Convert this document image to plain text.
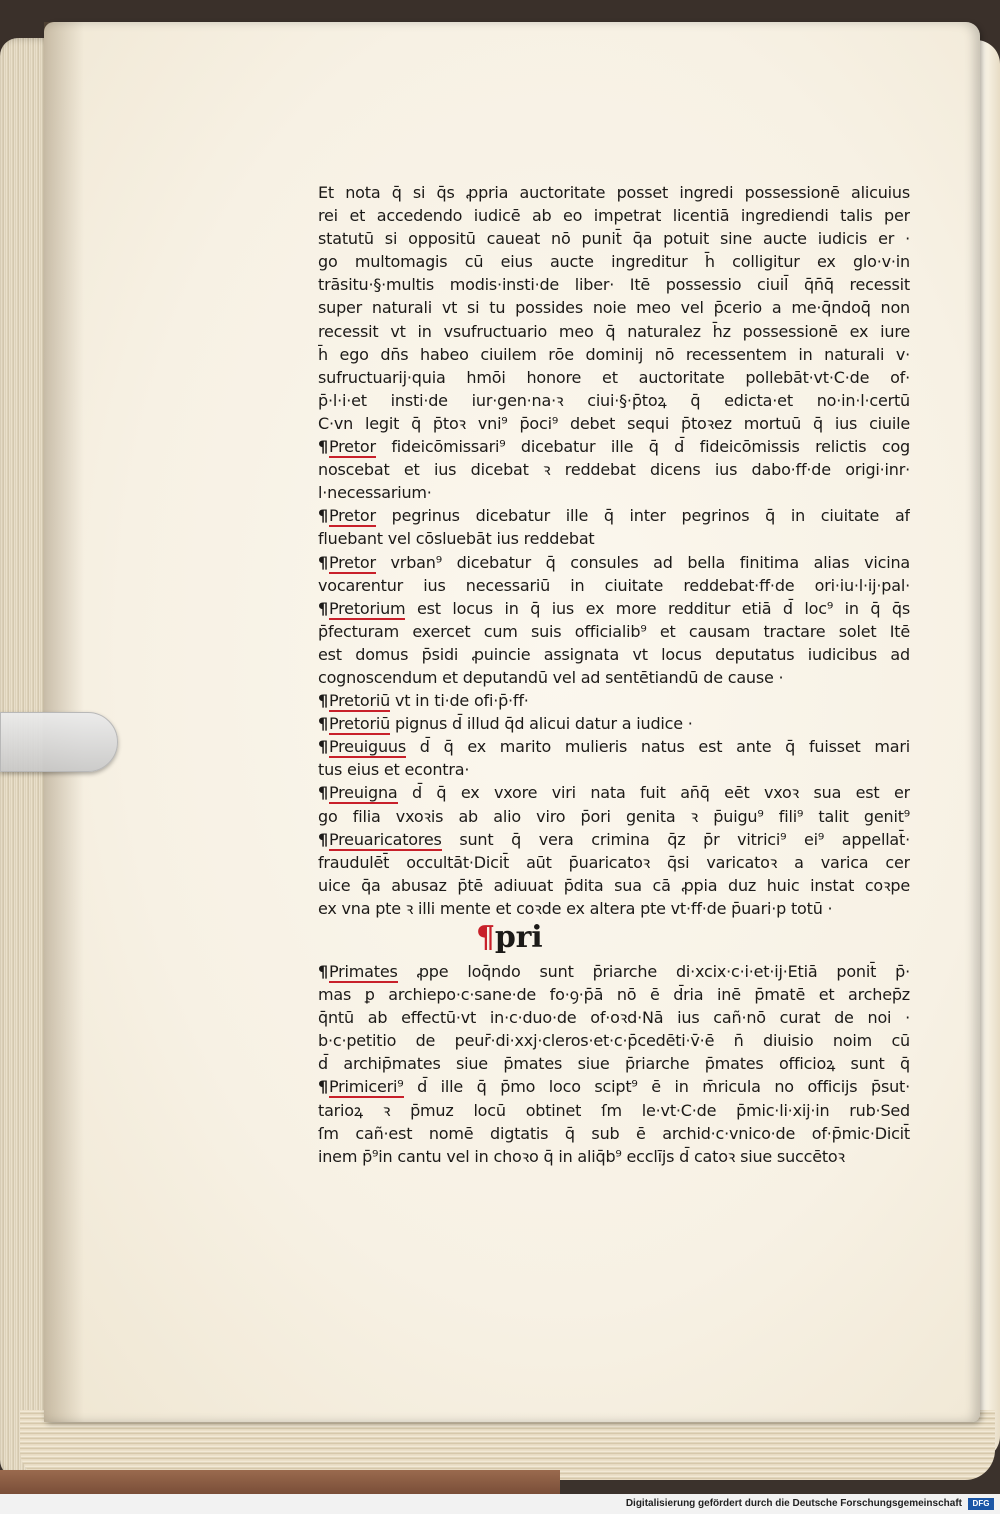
Et nota q̄ si q̄s ꝓpria auctoritate posset ingredi possessionē alicuius
rei et accedendo iudicē ab eo impetrat licentiā ingrediendi talis per
statutū si oppositū caueat nō punit̄ q̄a potuit sine aucte iudicis er ·
go multomagis cū eius aucte ingreditur h̄ colligitur ex glo·v·in
trāsitu·§·multis modis·insti·de liber· Itē possessio ciuil̄ q̄n̄q̄ recessit
super naturali vt si tu possides noie meo vel p̄cerio a me·q̄ndoq̄ non
recessit vt in vsufructuario meo q̄ naturalez h̄z possessionē ex iure
h̄ ego dn̄s habeo ciuilem rōe dominij nō recessentem in naturali v·
sufructuarij·quia hmōi honore et auctoritate pollebāt·vt·C·de of·
p̄·l·i·et insti·de iur·gen·na·ꝛ ciui·§·p̄toꝝ q̄ edicta·et no·in·l·certū
C·vn legit q̄ p̄toꝛ vni⁹ p̄oci⁹ debet sequi p̄toꝛez mortuū q̄ ius ciuile
¶Pretor fideicōmissari⁹ dicebatur ille q̄ d̄ fideicōmissis relictis cog
noscebat et ius dicebat ꝛ reddebat dicens ius dabo·ff·de origi·inr·
l·necessarium·
¶Pretor pegrinus dicebatur ille q̄ inter pegrinos q̄ in ciuitate af
fluebant vel cōsluebāt ius reddebat
¶Pretor vrban⁹ dicebatur q̄ consules ad bella finitima alias vicina
vocarentur ius necessariū in ciuitate reddebat·ff·de ori·iu·l·ij·pal·
¶Pretorium est locus in q̄ ius ex more redditur etiā d̄ loc⁹ in q̄ q̄s
p̄fecturam exercet cum suis officialib⁹ et causam tractare solet Itē
est domus p̄sidi ꝓuincie assignata vt locus deputatus iudicibus ad
cognoscendum et deputandū vel ad sentētiandū de cause ·
¶Pretoriū vt in ti·de ofi·p̄·ff·
¶Pretoriū pignus d̄ illud q̄d alicui datur a iudice ·
¶Preuiguus d̄ q̄ ex marito mulieris natus est ante q̄ fuisset mari
tus eius et econtra·
¶Preuigna d̄ q̄ ex vxore viri nata fuit an̄q̄ eēt vxoꝛ sua est er
go filia vxoꝛis ab alio viro p̄ori genita ꝛ p̄uigu⁹ fili⁹ talit genit⁹
¶Preuaricatores sunt q̄ vera crimina q̄z p̄r vitrici⁹ ei⁹ appellat̄·
fraudulēt̄ occultāt·Dicit̄ aūt p̄uaricatoꝛ q̄si varicatoꝛ a varica cer
uice q̄a abusaz p̄tē adiuuat p̄dita sua cā ꝓpia duz huic instat coꝛpe
ex vna pte ꝛ illi mente et coꝛde ex altera pte vt·ff·de p̄uari·p totū ·
¶pri
¶Primates ꝓpe loq̄ndo sunt p̄riarche di·xcix·c·i·et·ij·Etiā ponit̄ p̄·
mas ꝑ archiepo·c·sane·de fo·ꝯ·p̄ā nō ē d̄ria inē p̄matē et archep̄z
q̄ntū ab effectū·vt in·c·duo·de of·oꝛd·Nā ius cañ·nō curat de noi ·
b·c·petitio de peur̄·di·xxj·cleros·et·c·p̄cedēti·v̄·ē n̄ diuisio noim cū
d̄ archip̄mates siue p̄mates siue p̄riarche p̄mates officioꝝ sunt q̄
¶Primiceri⁹ d̄ ille q̄ p̄mo loco scipt⁹ ē in m̄ricula no officijs p̄sut·
tarioꝝ ꝛ p̄muz locū obtinet ſm le·vt·C·de p̄mic·li·xij·in rub·Sed
ſm cañ·est nomē digtatis q̄ sub ē archid·c·vnico·de of·p̄mic·Dicit̄
inem p̄⁹in cantu vel in choꝛo q̄ in aliq̄b⁹ ecclījs d̄ catoꝛ siue succētoꝛ
Digitalisierung gefördert durch die Deutsche Forschungsgemeinschaft	DFG
